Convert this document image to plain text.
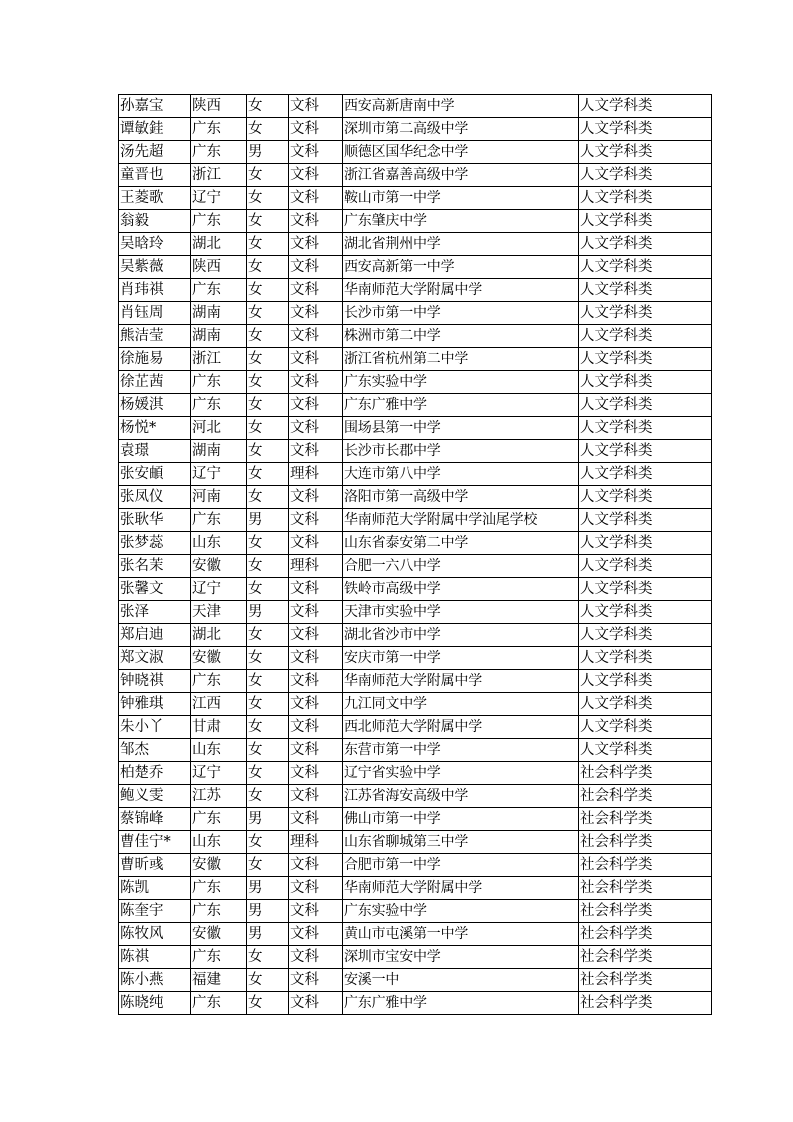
孙嘉宝	陕西	女	文科	西安高新唐南中学	人文学科类
谭敏銈	广东	女	文科	深圳市第二高级中学	人文学科类
汤先超	广东	男	文科	顺德区国华纪念中学	人文学科类
童晋也	浙江	女	文科	浙江省嘉善高级中学	人文学科类
王菱歌	辽宁	女	文科	鞍山市第一中学	人文学科类
翁毅	广东	女	文科	广东肇庆中学	人文学科类
吴晗玲	湖北	女	文科	湖北省荆州中学	人文学科类
吴紫薇	陕西	女	文科	西安高新第一中学	人文学科类
肖玮祺	广东	女	文科	华南师范大学附属中学	人文学科类
肖钰周	湖南	女	文科	长沙市第一中学	人文学科类
熊洁莹	湖南	女	文科	株洲市第二中学	人文学科类
徐施易	浙江	女	文科	浙江省杭州第二中学	人文学科类
徐芷茜	广东	女	文科	广东实验中学	人文学科类
杨媛淇	广东	女	文科	广东广雅中学	人文学科类
杨悦*	河北	女	文科	围场县第一中学	人文学科类
袁璟	湖南	女	文科	长沙市长郡中学	人文学科类
张安頔	辽宁	女	理科	大连市第八中学	人文学科类
张凤仪	河南	女	文科	洛阳市第一高级中学	人文学科类
张耿华	广东	男	文科	华南师范大学附属中学汕尾学校	人文学科类
张梦蕊	山东	女	文科	山东省泰安第二中学	人文学科类
张名茉	安徽	女	理科	合肥一六八中学	人文学科类
张馨文	辽宁	女	文科	铁岭市高级中学	人文学科类
张泽	天津	男	文科	天津市实验中学	人文学科类
郑启迪	湖北	女	文科	湖北省沙市中学	人文学科类
郑文淑	安徽	女	文科	安庆市第一中学	人文学科类
钟晓祺	广东	女	文科	华南师范大学附属中学	人文学科类
钟雅琪	江西	女	文科	九江同文中学	人文学科类
朱小丫	甘肃	女	文科	西北师范大学附属中学	人文学科类
邹杰	山东	女	文科	东营市第一中学	人文学科类
柏楚乔	辽宁	女	文科	辽宁省实验中学	社会科学类
鲍义雯	江苏	女	文科	江苏省海安高级中学	社会科学类
蔡锦峰	广东	男	文科	佛山市第一中学	社会科学类
曹佳宁*	山东	女	理科	山东省聊城第三中学	社会科学类
曹昕彧	安徽	女	文科	合肥市第一中学	社会科学类
陈凯	广东	男	文科	华南师范大学附属中学	社会科学类
陈奎宇	广东	男	文科	广东实验中学	社会科学类
陈牧风	安徽	男	文科	黄山市屯溪第一中学	社会科学类
陈祺	广东	女	文科	深圳市宝安中学	社会科学类
陈小燕	福建	女	文科	安溪一中	社会科学类
陈晓纯	广东	女	文科	广东广雅中学	社会科学类
